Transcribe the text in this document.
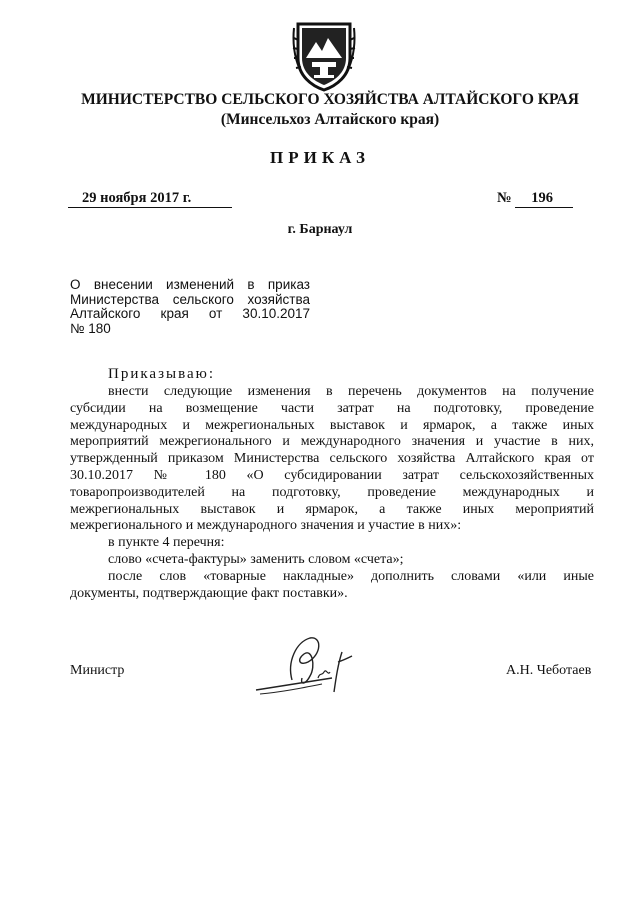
МИНИСТЕРСТВО СЕЛЬСКОГО ХОЗЯЙСТВА АЛТАЙСКОГО КРАЯ
(Минсельхоз Алтайского края)
ПРИКАЗ
29 ноября 2017 г.	№ 196
г. Барнаул
О внесении изменений в приказ
Министерства сельского хозяйства
Алтайского края от 30.10.2017
№ 180
Приказываю:
внести следующие изменения в перечень документов на получение
субсидии на возмещение части затрат на подготовку, проведение
международных и межрегиональных выставок и ярмарок, а также иных
мероприятий межрегионального и международного значения и участие в них,
утвержденный приказом Министерства сельского хозяйства Алтайского края от
30.10.2017 № 180 «О субсидировании затрат сельскохозяйственных
товаропроизводителей на подготовку, проведение международных и
межрегиональных выставок и ярмарок, а также иных мероприятий
межрегионального и международного значения и участие в них»:
в пункте 4 перечня:
слово «счета-фактуры» заменить словом «счета»;
после слов «товарные накладные» дополнить словами «или иные
документы, подтверждающие факт поставки».
Министр	А.Н. Чеботаев
